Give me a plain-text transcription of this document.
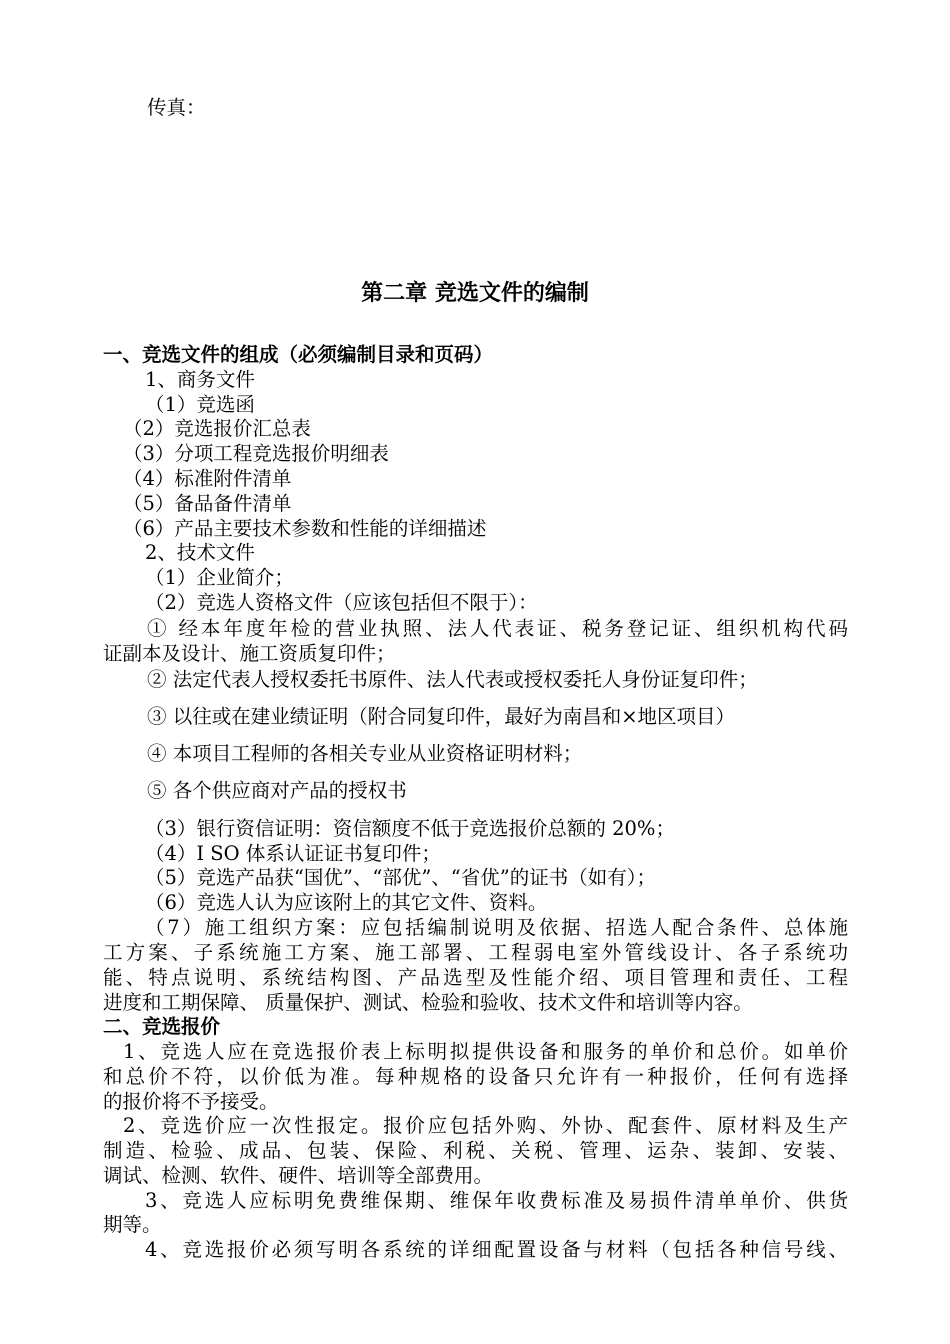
传真：
第二章 竞选文件的编制
一、竞选文件的组成（必须编制目录和页码）
1、商务文件
（1）竞选函
（2）竞选报价汇总表
（3）分项工程竞选报价明细表
（4）标准附件清单
（5）备品备件清单
（6）产品主要技术参数和性能的详细描述
2、技术文件
（1）企业简介；
（2）竞选人资格文件（应该包括但不限于）：
① 经本年度年检的营业执照、法人代表证、税务登记证、组织机构代码
证副本及设计、施工资质复印件；
② 法定代表人授权委托书原件、法人代表或授权委托人身份证复印件；
③ 以往或在建业绩证明（附合同复印件，最好为南昌和×地区项目）
④ 本项目工程师的各相关专业从业资格证明材料；
⑤ 各个供应商对产品的授权书
（3）银行资信证明：资信额度不低于竞选报价总额的 20%；
（4）I SO 体系认证证书复印件；
（5）竞选产品获“国优”、“部优”、“省优”的证书（如有）；
（6）竞选人认为应该附上的其它文件、资料。
（7）施工组织方案：应包括编制说明及依据、招选人配合条件、总体施
工方案、子系统施工方案、施工部署、工程弱电室外管线设计、各子系统功
能、特点说明、系统结构图、产品选型及性能介绍、项目管理和责任、工程
进度和工期保障、 质量保护、测试、检验和验收、技术文件和培训等内容。
二、竞选报价
1、竞选人应在竞选报价表上标明拟提供设备和服务的单价和总价。如单价
和总价不符，以价低为准。每种规格的设备只允许有一种报价，任何有选择
的报价将不予接受。
2、竞选价应一次性报定。报价应包括外购、外协、配套件、原材料及生产
制造、检验、成品、包装、保险、利税、关税、管理、运杂、装卸、安装、
调试、检测、软件、硬件、培训等全部费用。
3、竞选人应标明免费维保期、维保年收费标准及易损件清单单价、供货
期等。
4、竞选报价必须写明各系统的详细配置设备与材料（包括各种信号线、
